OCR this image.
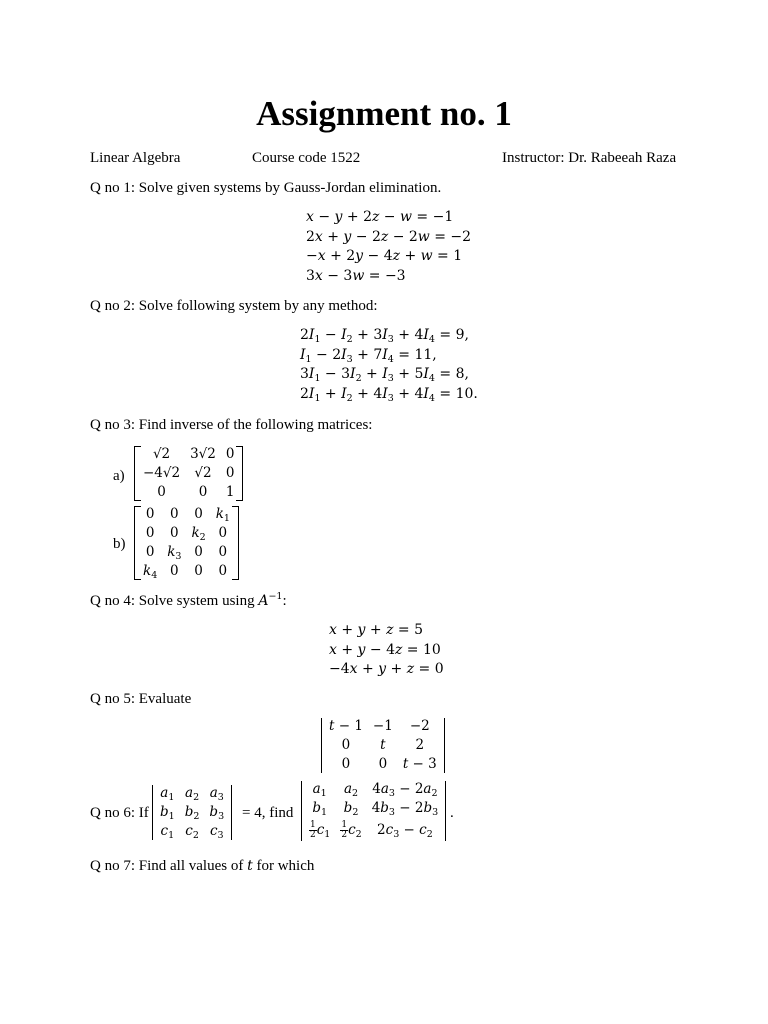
Assignment no. 1
Linear Algebra	Course code 1522	Instructor: Dr. Rabeeah Raza
Q no 1: Solve given systems by Gauss-Jordan elimination.
𝑥 − 𝑦 + 2𝑧 − 𝑤 = −1
2𝑥 + 𝑦 − 2𝑧 − 2𝑤 = −2
−𝑥 + 2𝑦 − 4𝑧 + 𝑤 = 1
3𝑥 − 3𝑤 = −3
Q no 2: Solve following system by any method:
2𝐼$_1$ − 𝐼$_2$ + 3𝐼$_3$ + 4𝐼$_4$ = 9,
𝐼$_1$ − 2𝐼$_3$ + 7𝐼$_4$ = 11,
3𝐼$_1$ − 3𝐼$_2$ + 𝐼$_3$ + 5𝐼$_4$ = 8,
2𝐼$_1$ + 𝐼$_2$ + 4𝐼$_3$ + 4𝐼$_4$ = 10.
Q no 3: Find inverse of the following matrices:
a)
√2	3√2	0
−4√2	√2	0
0	0	1
b)
0	0	0	𝑘$_1$
0	0	𝑘$_2$	0
0	𝑘$_3$	0	0
𝑘$_4$	0	0	0
Q no 4: Solve system using 𝐴$^{-1}$:
𝑥 + 𝑦 + 𝑧 = 5
𝑥 + 𝑦 − 4𝑧 = 10
−4𝑥 + 𝑦 + 𝑧 = 0
Q no 5: Evaluate
𝑡 − 1	−1	−2
0	𝑡	2
0	0	𝑡 − 3
Q no 6: If
𝑎$_1$	𝑎$_2$	𝑎$_3$
𝑏$_1$	𝑏$_2$	𝑏$_3$
𝑐$_1$	𝑐$_2$	𝑐$_3$
= 4, find
𝑎$_1$	𝑎$_2$	4𝑎$_3$ − 2𝑎$_2$
𝑏$_1$	𝑏$_2$	4𝑏$_3$ − 2𝑏$_3$

$\frac{1}{2}$ 𝑐$_1$	$\frac{1}{2}$ 𝑐$_2$	2𝑐$_3$ − 𝑐$_2$
.
Q no 7: Find all values of 𝑡 for which
